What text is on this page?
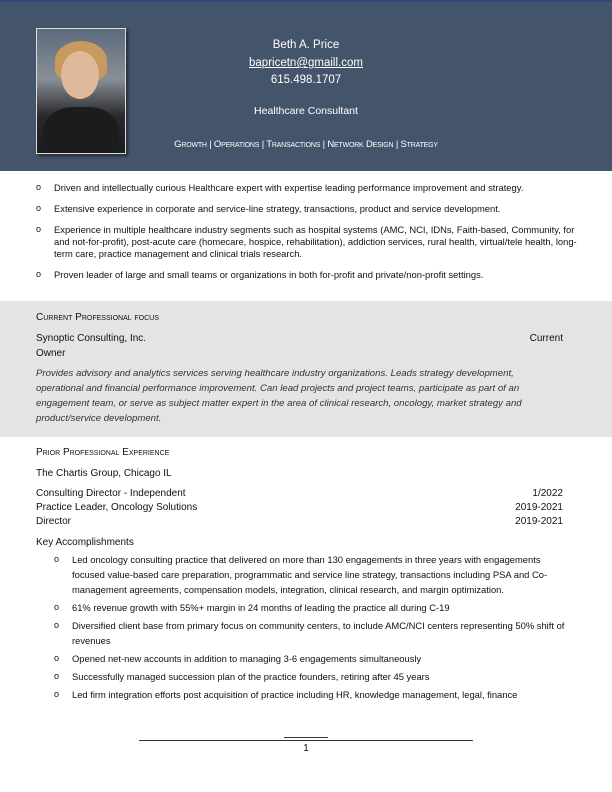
Beth A. Price
bapricetn@gmaill.com
615.498.1707
Healthcare Consultant
Growth | Operations | Transactions | Network Design | Strategy
o Driven and intellectually curious Healthcare expert with expertise leading performance improvement and strategy.
o Extensive experience in corporate and service-line strategy, transactions, product and service development.
o Experience in multiple healthcare industry segments such as hospital systems (AMC, NCI, IDNs, Faith-based, Community, for and not-for-profit), post-acute care (homecare, hospice, rehabilitation), addiction services, rural health, virtual/tele health, long-term care, practice management and clinical trials research.
o Proven leader of large and small teams or organizations in both for-profit and private/non-profit settings.
Current Professional focus
Synoptic Consulting, Inc.	Current
Owner
Provides advisory and analytics services serving healthcare industry organizations. Leads strategy development, operational and financial performance improvement. Can lead projects and project teams, participate as part of an engagement team, or serve as subject matter expert in the area of clinical research, oncology, market strategy and product/service development.
Prior Professional Experience
The Chartis Group, Chicago IL
Consulting Director - Independent	1/2022
Practice Leader, Oncology Solutions	2019-2021
Director	2019-2021
Key Accomplishments
o Led oncology consulting practice that delivered on more than 130 engagements in three years with engagements focused value-based care preparation, programmatic and service line strategy, transactions including PSA and Co-management agreements, compensation models, integration, clinical research, and margin optimization.
o 61% revenue growth with 55%+ margin in 24 months of leading the practice all during C-19
o Diversified client base from primary focus on community centers, to include AMC/NCI centers representing 50% shift of revenues
o Opened net-new accounts in addition to managing 3-6 engagements simultaneously
o Successfully managed succession plan of the practice founders, retiring after 45 years
o Led firm integration efforts post acquisition of practice including HR, knowledge management, legal, finance
1
